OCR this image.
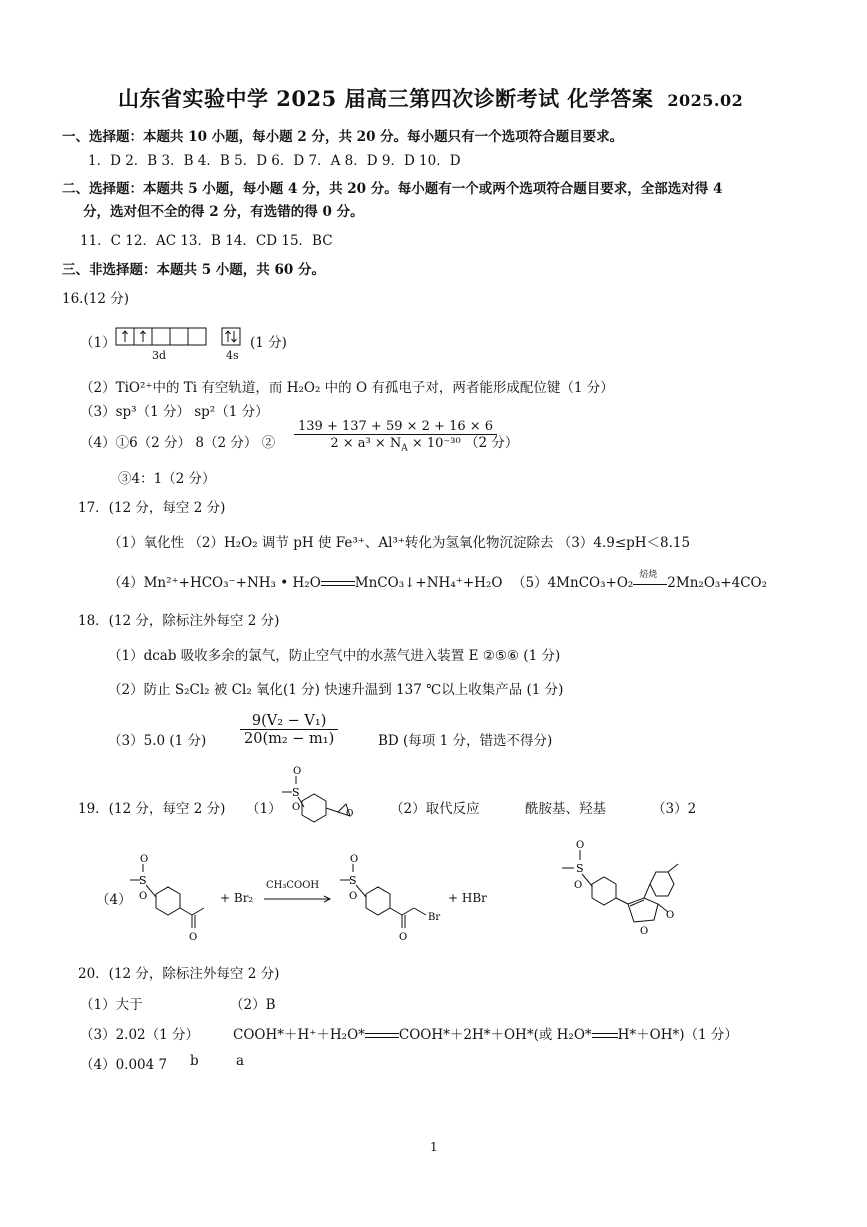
山东省实验中学 2025 届高三第四次诊断考试 化学答案 2025.02
一、选择题：本题共 10 小题，每小题 2 分，共 20 分。每小题只有一个选项符合题目要求。
1．D 2．B 3．B 4．B 5．D 6．D 7．A 8．D 9．D 10．D
二、选择题：本题共 5 小题，每小题 4 分，共 20 分。每小题有一个或两个选项符合题目要求，全部选对得 4
分，选对但不全的得 2 分，有选错的得 0 分。
11．C 12．AC 13．B 14．CD 15．BC
三、非选择题：本题共 5 小题，共 60 分。
16.(12 分)
（1）
3d	4s
(1 分)
（2）TiO²⁺中的 Ti 有空轨道，而 H₂O₂ 中的 O 有孤电子对，两者能形成配位键（1 分）
（3）sp³（1 分） sp²（1 分）
（4）①6（2 分） 8（2 分） ② $\frac{139 + 137 + 59 \times 2 + 16 \times 6}{2 \times a^3 \times N_A \times 10^{-30}}$
（2 分）
③4：1（2 分）
17．(12 分，每空 2 分)
（1）氧化性 （2）H₂O₂ 调节 pH 使 Fe³⁺、Al³⁺转化为氢氧化物沉淀除去 （3）4.9≤pH＜8.15
（4）Mn²⁺+HCO₃⁻+NH₃ • H₂O	MnCO₃↓+NH₄⁺+H₂O （5）4MnCO₃+O₂
焙烧
2Mn₂O₃+4CO₂
18．(12 分，除标注外每空 2 分)
（1）dcab 吸收多余的氯气，防止空气中的水蒸气进入装置 E ②⑤⑥ (1 分)
（2）防止 S₂Cl₂ 被 Cl₂ 氧化(1 分) 快速升温到 137 ℃以上收集产品 (1 分)
（3）5.0 (1 分) $\frac{\text{9(V₂ − V₁)}}{\text{20(m₂ − m₁)}}$	BD (每项 1 分，错选不得分)
19．(12 分，每空 2 分) （1）
S
O
O
O	（2）取代反应	酰胺基、羟基	（3）2
（4）
S
O
O
O
+ Br₂
CH₃COOH	S
O
O
O
Br
+ HBr
S
O
O
O
O
20．(12 分，除标注外每空 2 分)
（1）大于	（2）B
（3）2.02（1 分）	COOH*＋H⁺＋H₂O*	COOH*＋2H*＋OH*(或 H₂O* H*＋OH*)（1 分）
（4）0.004 7 b	a
1
